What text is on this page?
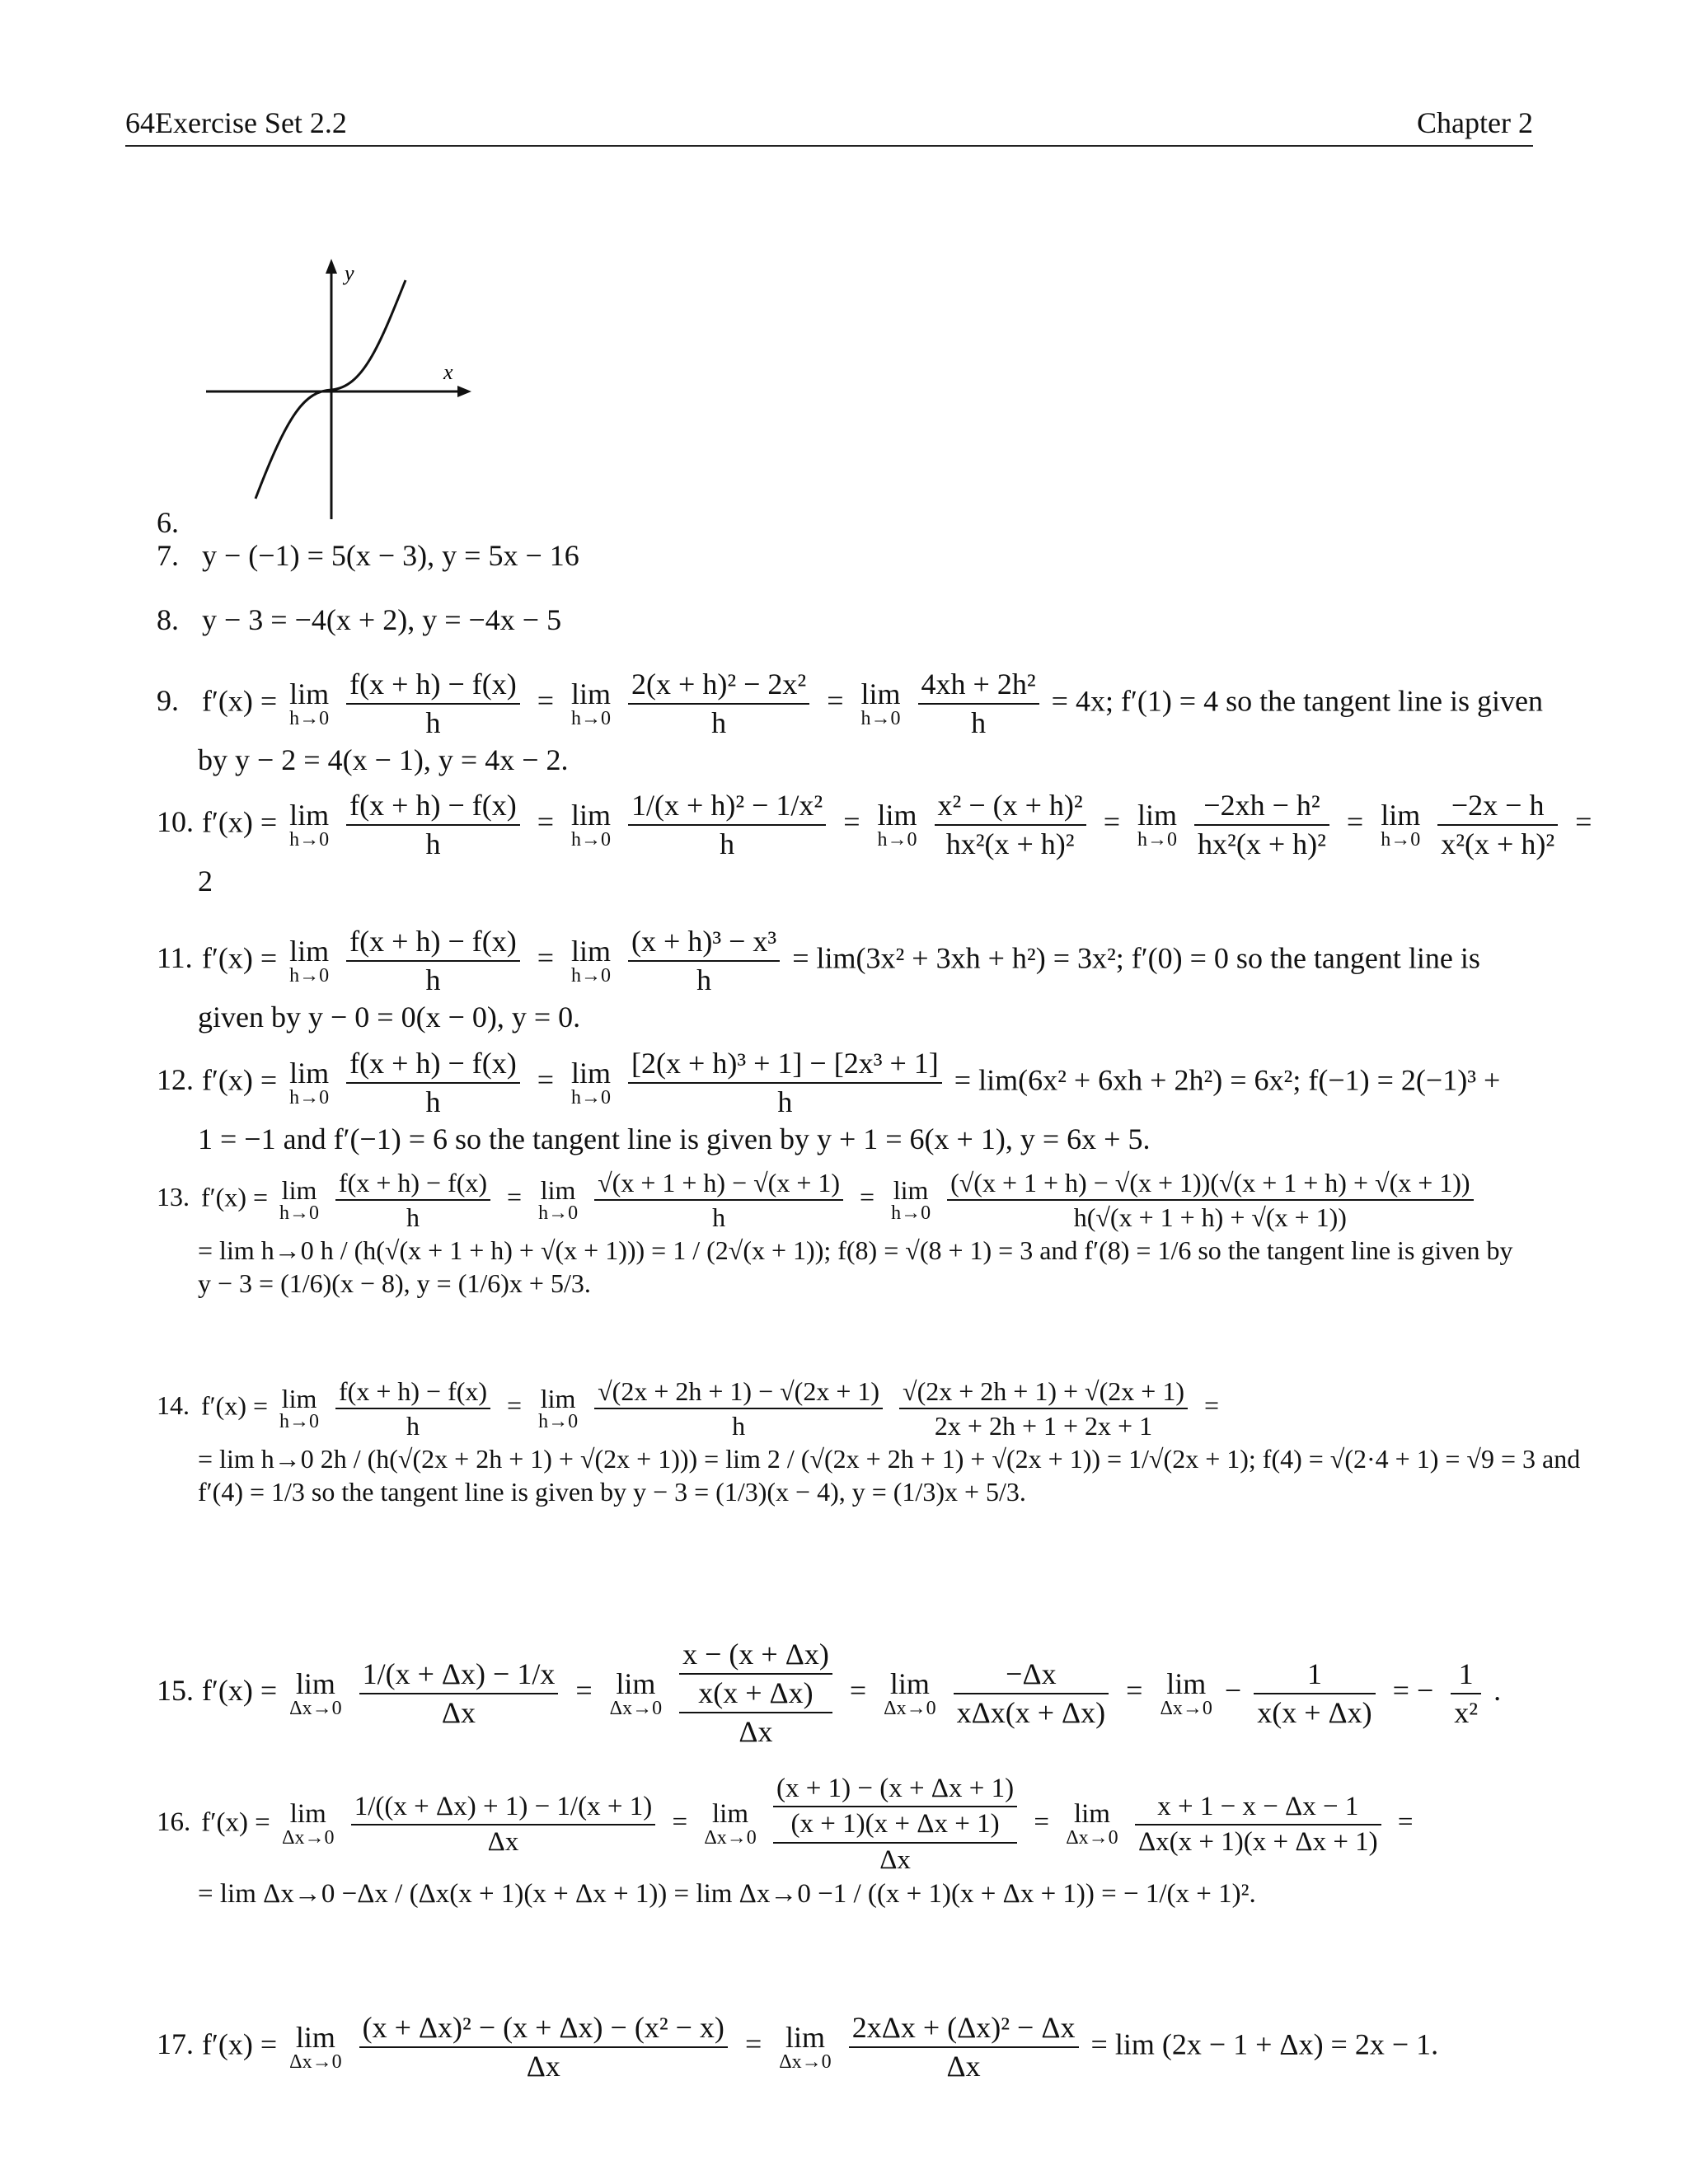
64Exercise Set 2.2	Chapter 2
y
x
6.
7. y − (−1) = 5(x − 3), y = 5x − 16
8. y − 3 = −4(x + 2), y = −4x − 5
9. f′(x) = lim
h→0
$\frac{f(x + h) - f(x)}{h} = \lim$
h→0
$\frac{\text{2(x + h)² − 2x²}}{h} = \lim$
h→0
$\frac{\text{4xh + 2h²}}{h} = 4x$; f′(1) = 4 so the tangent line is given
by y − 2 = 4(x − 1), y = 4x − 2.
10. f′(x) = lim
h→0
$\frac{f(x + h) - f(x)}{h} = \lim$
h→0
$\frac{\text{1/(x + h)² − 1/x²}}{h} = \lim$
h→0
$\frac{\text{x² − (x + h)²}}{\text{hx²(x + h)²}} = \lim$
h→0
$\frac{\text{−2xh − h²}}{\text{hx²(x + h)²}} = \lim$
h→0
$\frac{-2x - h}{\text{x²(x + h)²}}$ =
2
11. f′(x) = lim
h→0
$\frac{f(x + h) - f(x)}{h} = \lim$
h→0
$\frac{\text{(x + h)³ − x³}}{h} = \lim(3x^2 + 3xh + h^2) = 3x^2$; f′(0) = 0 so the tangent line is
given by y − 0 = 0(x − 0), y = 0.
12. f′(x) = lim
h→0
$\frac{f(x + h) - f(x)}{h} = \lim$
h→0
$\frac{\text{[2(x + h)³ + 1] − [2x³ + 1]}}{h} = \lim(6x^2 + 6xh + 2h^2) = 6x^2$; f(−1) = 2(−1)³ +
1 = −1 and f′(−1) = 6 so the tangent line is given by y + 1 = 6(x + 1), y = 6x + 5.
13. f′(x) = lim
h→0
$\frac{f(x + h) - f(x)}{h} = \lim$
h→0
$\frac{√(x + 1 + h) - √(x + 1)}{h} = \lim$
h→0
$\frac{(√(x + 1 + h) - √(x + 1))(√(x + 1 + h) + √(x + 1))}{h(√(x + 1 + h) + √(x + 1))}$
= lim h→0 h / (h(√(x + 1 + h) + √(x + 1))) = 1 / (2√(x + 1)); f(8) = √(8 + 1) = 3 and f′(8) = 1/6 so the tangent line is given by
y − 3 = (1/6)(x − 8), y = (1/6)x + 5/3.
14. f′(x) = lim
h→0
$\frac{f(x + h) - f(x)}{h} = \lim$
h→0
$\frac{√(2x + 2h + 1) - √(2x + 1)}{h}$
$\frac{√(2x + 2h + 1) + √(2x + 1)}{2x + 2h + 1 + 2x + 1}$ =
= lim h→0 2h / (h(√(2x + 2h + 1) + √(2x + 1))) = lim 2 / (√(2x + 2h + 1) + √(2x + 1)) = 1/√(2x + 1); f(4) = √(2·4 + 1) = √9 = 3 and
f′(4) = 1/3 so the tangent line is given by y − 3 = (1/3)(x − 4), y = (1/3)x + 5/3.
15. f′(x) = lim
Δx→0
$\frac{1/(x + \Delta x) - 1/x}{\Delta x} = \lim$
Δx→0

x − (x + Δx)
x(x + Δx)
Δx
= lim
Δx→0
$\frac{-\Delta x}{\text{xΔx(x + Δx)}} = \lim$
Δx→0
− $\frac{1}{x(x + \Delta x)}$ = − $\frac{1}{\text{x²}}$ .
16. f′(x) = lim
Δx→0
$\frac{1/((x + \Delta x) + 1) - 1/(x + 1)}{\Delta x} = \lim$
Δx→0

(x + 1) − (x + Δx + 1)
(x + 1)(x + Δx + 1)
Δx
= lim
Δx→0
$\frac{x + 1 - x - \Delta x - 1}{\Delta x(x + 1)(x + \Delta x + 1)}$ =
= lim Δx→0 −Δx / (Δx(x + 1)(x + Δx + 1)) = lim Δx→0 −1 / ((x + 1)(x + Δx + 1)) = − 1/(x + 1)².
17. f′(x) = lim
Δx→0
$\frac{\text{(x + Δx)² − (x + Δx) − (x² − x)}}{\Delta x} = \lim$
Δx→0
$\frac{\text{2xΔx + (Δx)² − Δx}}{\Delta x} = \lim (2x - 1 + \Delta x) = 2x - 1$.
